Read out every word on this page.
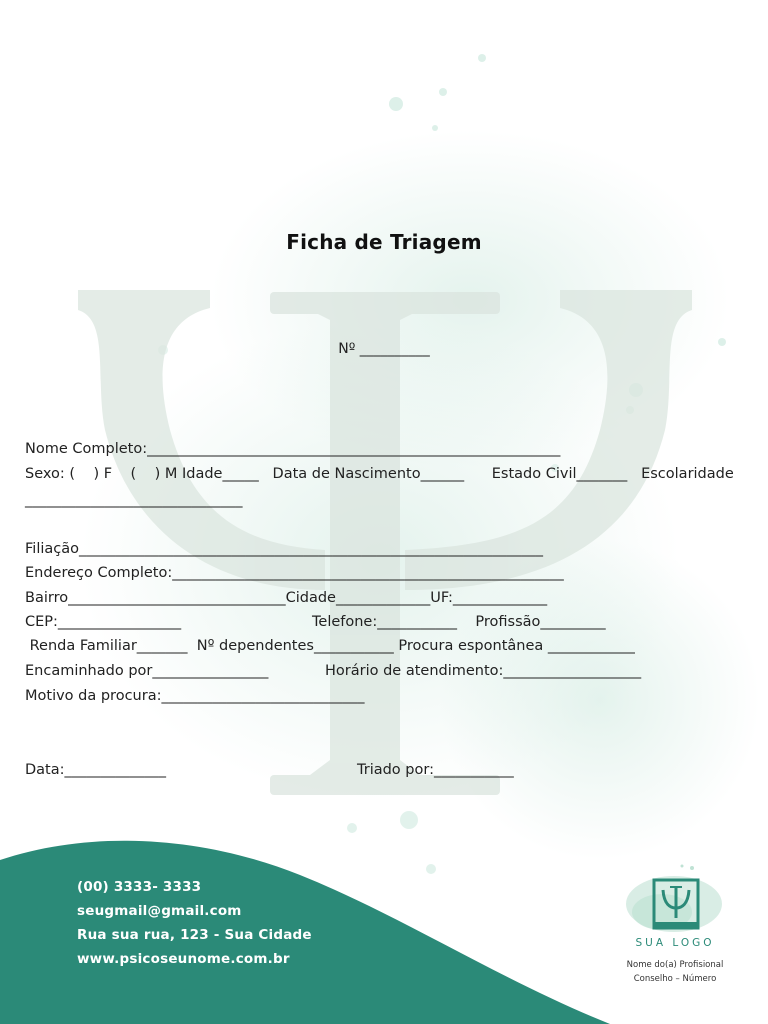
Ficha de Triagem
Nº __________
Nome Completo:_________________________________________________________
Sexo: (    ) F    (    ) M Idade_____   Data de Nascimento______      Estado Civil_______   Escolaridade
______________________________
Filiação________________________________________________________________
Endereço Completo:______________________________________________________
Bairro______________________________Cidade_____________UF:_____________
CEP:_________________	Telefone:___________    Profissão_________
Renda Familiar_______  Nº dependentes___________ Procura espontânea ____________
Encaminhado por________________	Horário de atendimento:___________________
Motivo da procura:____________________________
Data:______________	Triado por:___________
(00) 3333- 3333
seugmail@gmail.com
Rua sua rua, 123 - Sua Cidade
www.psicoseunome.com.br
SUA LOGO
Nome do(a) Profisional
Conselho – Número
